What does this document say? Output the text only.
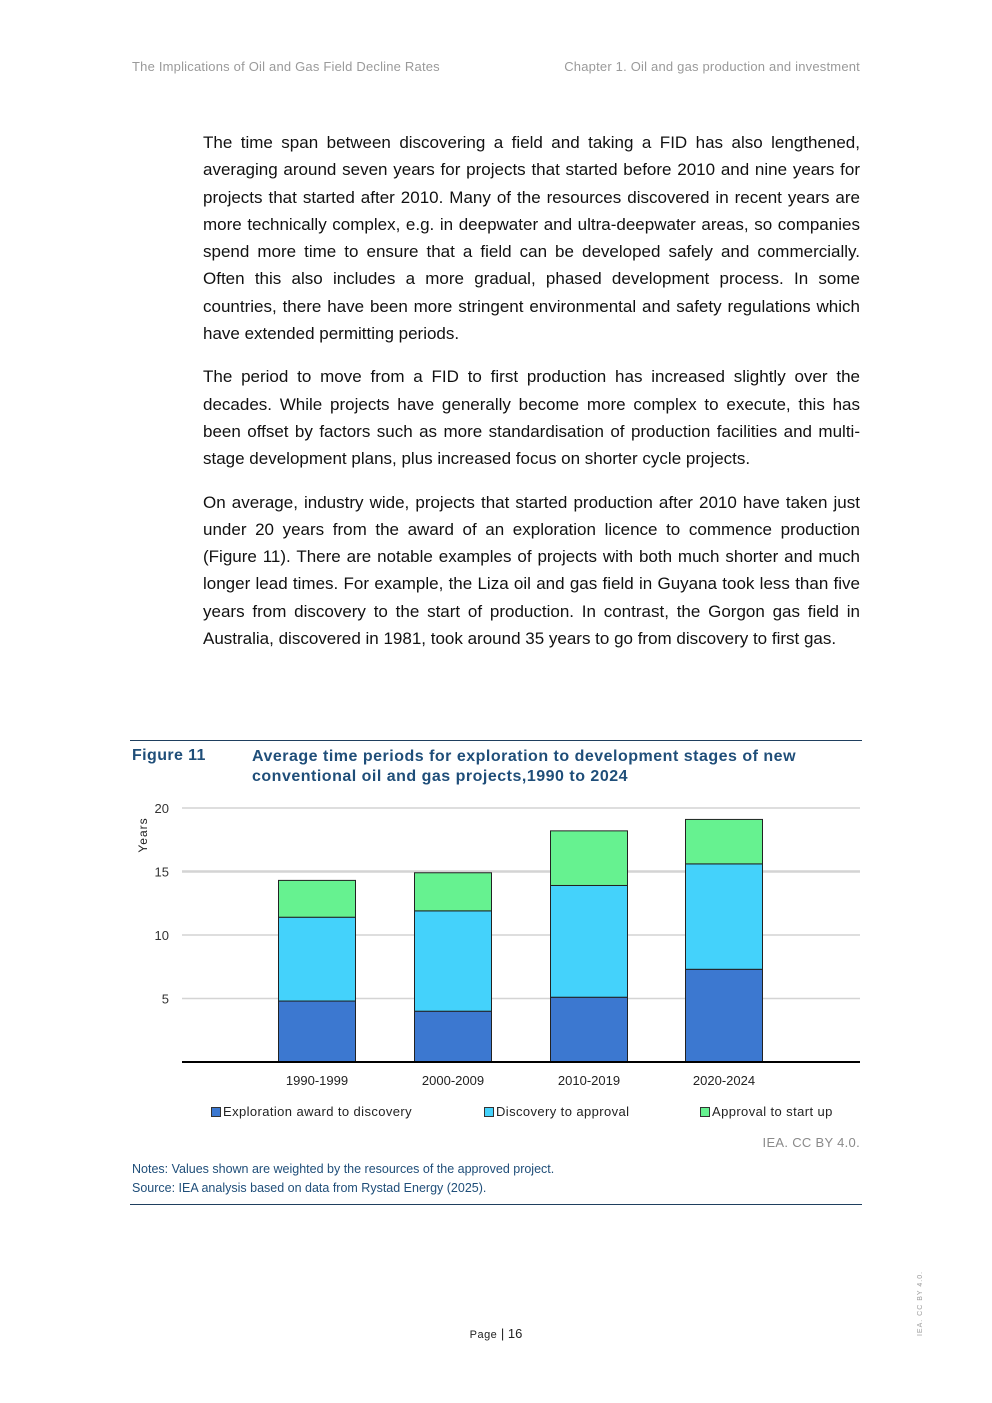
The Implications of Oil and Gas Field Decline Rates	Chapter 1. Oil and gas production and investment

The time span between discovering a field and taking a FID has also lengthened, averaging around seven years for projects that started before 2010 and nine years for projects that started after 2010. Many of the resources discovered in recent years are more technically complex, e.g. in deepwater and ultra-deepwater areas, so companies spend more time to ensure that a field can be developed safely and commercially. Often this also includes a more gradual, phased development process. In some countries, there have been more stringent environmental and safety regulations which have extended permitting periods.

The period to move from a FID to first production has increased slightly over the decades. While projects have generally become more complex to execute, this has been offset by factors such as more standardisation of production facilities and multi-stage development plans, plus increased focus on shorter cycle projects.

On average, industry wide, projects that started production after 2010 have taken just under 20 years from the award of an exploration licence to commence production (Figure 11). There are notable examples of projects with both much shorter and much longer lead times. For example, the Liza oil and gas field in Guyana took less than five years from discovery to the start of production. In contrast, the Gorgon gas field in Australia, discovered in 1981, took around 35 years to go from discovery to first gas.

Figure 11	Average time periods for exploration to development stages of new conventional oil and gas projects,1990 to 2024
5
10
15
20
Years
1990-1999	2000-2009	2010-2019	2020-2024
Exploration award to discovery	Discovery to approval	Approval to start up
IEA. CC BY 4.0.
Notes: Values shown are weighted by the resources of the approved project.
Source: IEA analysis based on data from Rystad Energy (2025).
Page | 16	IEA. CC BY 4.0.
